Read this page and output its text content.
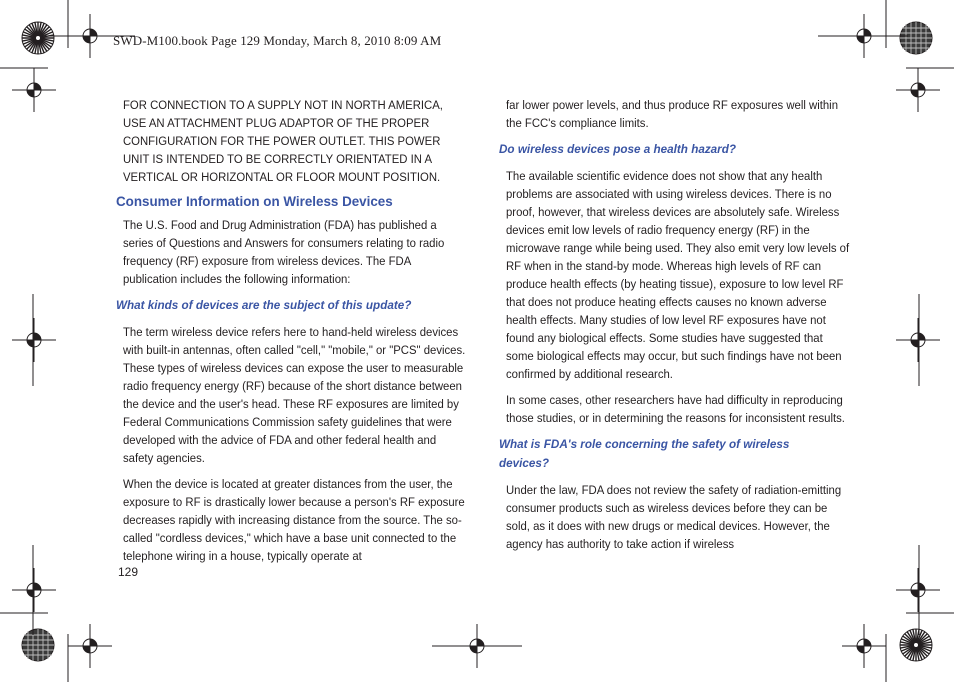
SWD-M100.book Page 129 Monday, March 8, 2010 8:09 AM

FOR CONNECTION TO A SUPPLY NOT IN NORTH AMERICA, USE AN ATTACHMENT PLUG ADAPTOR OF THE PROPER CONFIGURATION FOR THE POWER OUTLET. THIS POWER UNIT IS INTENDED TO BE CORRECTLY ORIENTATED IN A VERTICAL OR HORIZONTAL OR FLOOR MOUNT POSITION.

Consumer Information on Wireless Devices

The U.S. Food and Drug Administration (FDA) has published a series of Questions and Answers for consumers relating to radio frequency (RF) exposure from wireless devices. The FDA publication includes the following information:

What kinds of devices are the subject of this update?

The term wireless device refers here to hand-held wireless devices with built-in antennas, often called "cell," "mobile," or "PCS" devices. These types of wireless devices can expose the user to measurable radio frequency energy (RF) because of the short distance between the device and the user's head. These RF exposures are limited by Federal Communications Commission safety guidelines that were developed with the advice of FDA and other federal health and safety agencies.

When the device is located at greater distances from the user, the exposure to RF is drastically lower because a person's RF exposure decreases rapidly with increasing distance from the source. The so-called "cordless devices," which have a base unit connected to the telephone wiring in a house, typically operate at

far lower power levels, and thus produce RF exposures well within the FCC's compliance limits.

Do wireless devices pose a health hazard?

The available scientific evidence does not show that any health problems are associated with using wireless devices. There is no proof, however, that wireless devices are absolutely safe. Wireless devices emit low levels of radio frequency energy (RF) in the microwave range while being used. They also emit very low levels of RF when in the stand-by mode. Whereas high levels of RF can produce health effects (by heating tissue), exposure to low level RF that does not produce heating effects causes no known adverse health effects. Many studies of low level RF exposures have not found any biological effects. Some studies have suggested that some biological effects may occur, but such findings have not been confirmed by additional research.

In some cases, other researchers have had difficulty in reproducing those studies, or in determining the reasons for inconsistent results.

What is FDA's role concerning the safety of wireless devices?

Under the law, FDA does not review the safety of radiation-emitting consumer products such as wireless devices before they can be sold, as it does with new drugs or medical devices. However, the agency has authority to take action if wireless

129
